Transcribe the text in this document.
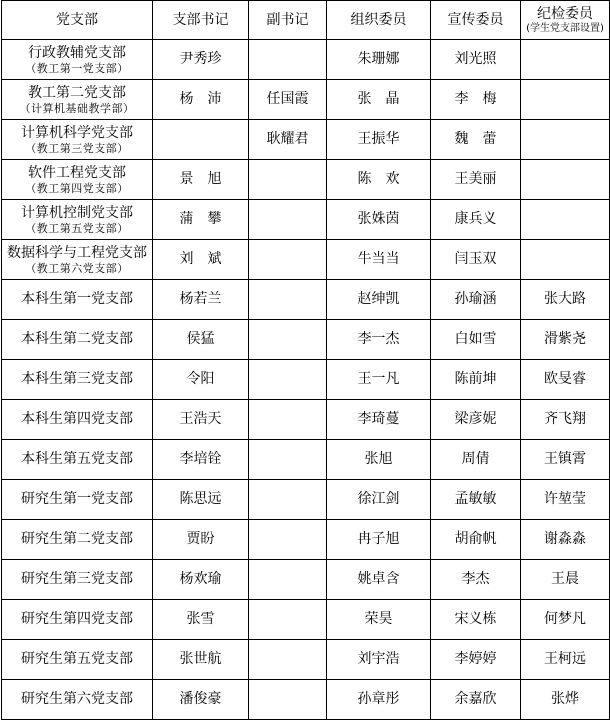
党支部	支部书记	副书记	组织委员	宣传委员	纪检委员
(学生党支部设置)

行政教辅党支部
（教工第一党支部）	尹秀珍		朱珊娜	刘光照	

教工第二党支部
（计算机基础教学部）	杨　沛	任国霞	张　晶	李　梅	

计算机科学党支部
（教工第三党支部）		耿耀君	王振华	魏　蕾	

软件工程党支部
（教工第四党支部）	景　旭		陈　欢	王美丽	

计算机控制党支部
（教工第五党支部）	蒲　攀		张姝茵	康兵义	

数据科学与工程党支部
（教工第六党支部）	刘　斌		牛当当	闫玉双	

本科生第一党支部	杨若兰		赵绅凯	孙瑜涵	张大路

本科生第二党支部	侯猛		李一杰	白如雪	滑紫尧

本科生第三党支部	令阳		王一凡	陈前坤	欧旻睿

本科生第四党支部	王浩天		李琦蔓	梁彦妮	齐飞翔

本科生第五党支部	李培铨		张旭	周倩	王镇霄

研究生第一党支部	陈思远		徐江剑	孟敏敏	许堃莹

研究生第二党支部	贾盼		冉子旭	胡俞帆	谢淼淼

研究生第三党支部	杨欢瑜		姚卓含	李杰	王晨

研究生第四党支部	张雪		荣昊	宋义栋	何梦凡

研究生第五党支部	张世航		刘宇浩	李婷婷	王柯远

研究生第六党支部	潘俊豪		孙章彤	余嘉欣	张烨
